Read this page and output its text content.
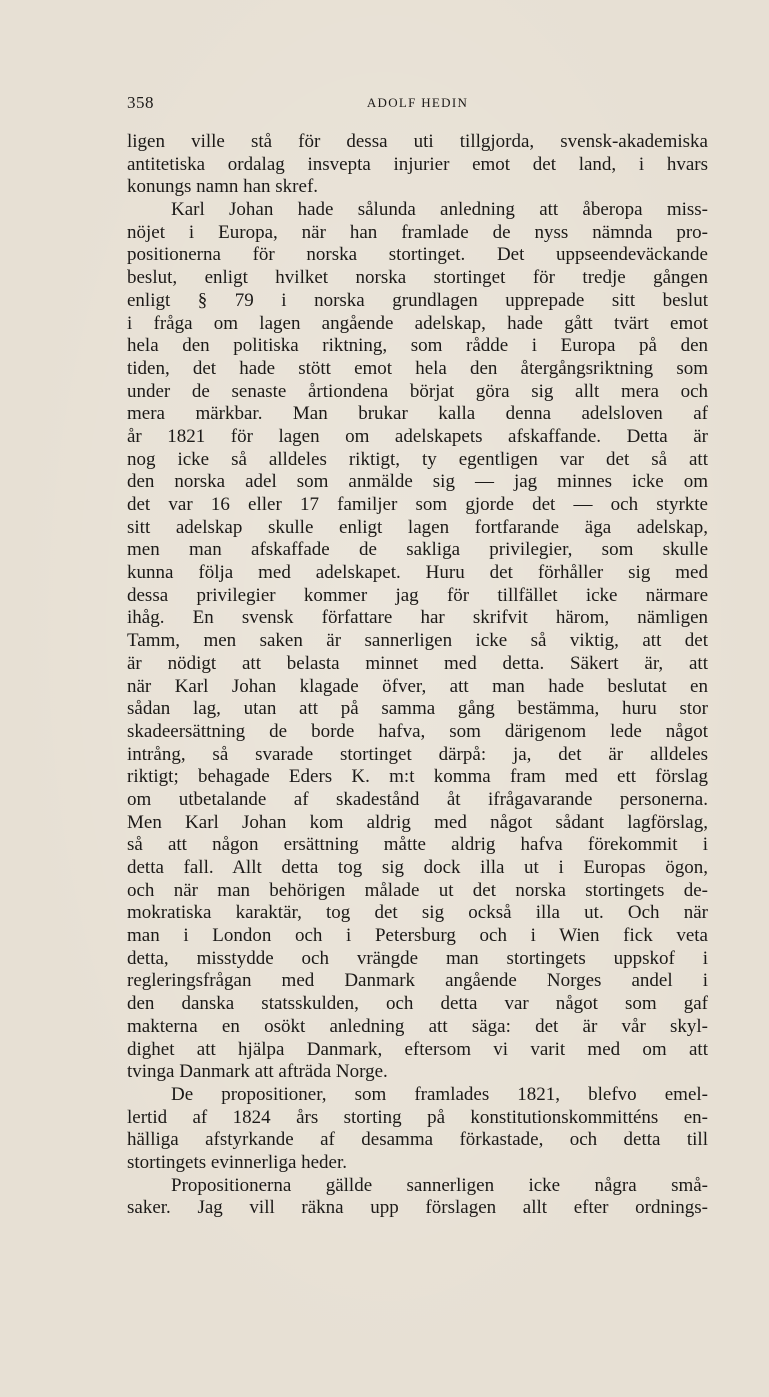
358	ADOLF HEDIN
ligen ville stå för dessa uti tillgjorda, svensk-akademiska
antitetiska ordalag insvepta injurier emot det land, i hvars
konungs namn han skref.
Karl Johan hade sålunda anledning att åberopa miss-
nöjet i Europa, när han framlade de nyss nämnda pro-
positionerna för norska stortinget. Det uppseendeväckande
beslut, enligt hvilket norska stortinget för tredje gången
enligt § 79 i norska grundlagen upprepade sitt beslut
i fråga om lagen angående adelskap, hade gått tvärt emot
hela den politiska riktning, som rådde i Europa på den
tiden, det hade stött emot hela den återgångsriktning som
under de senaste årtiondena börjat göra sig allt mera och
mera märkbar. Man brukar kalla denna adelsloven af
år 1821 för lagen om adelskapets afskaffande. Detta är
nog icke så alldeles riktigt, ty egentligen var det så att
den norska adel som anmälde sig — jag minnes icke om
det var 16 eller 17 familjer som gjorde det — och styrkte
sitt adelskap skulle enligt lagen fortfarande äga adelskap,
men man afskaffade de sakliga privilegier, som skulle
kunna följa med adelskapet. Huru det förhåller sig med
dessa privilegier kommer jag för tillfället icke närmare
ihåg. En svensk författare har skrifvit härom, nämligen
Tamm, men saken är sannerligen icke så viktig, att det
är nödigt att belasta minnet med detta. Säkert är, att
när Karl Johan klagade öfver, att man hade beslutat en
sådan lag, utan att på samma gång bestämma, huru stor
skadeersättning de borde hafva, som därigenom lede något
intrång, så svarade stortinget därpå: ja, det är alldeles
riktigt; behagade Eders K. m:t komma fram med ett förslag
om utbetalande af skadestånd åt ifrågavarande personerna.
Men Karl Johan kom aldrig med något sådant lagförslag,
så att någon ersättning måtte aldrig hafva förekommit i
detta fall. Allt detta tog sig dock illa ut i Europas ögon,
och när man behörigen målade ut det norska stortingets de-
mokratiska karaktär, tog det sig också illa ut. Och när
man i London och i Petersburg och i Wien fick veta
detta, misstydde och vrängde man stortingets uppskof i
regleringsfrågan med Danmark angående Norges andel i
den danska statsskulden, och detta var något som gaf
makterna en osökt anledning att säga: det är vår skyl-
dighet att hjälpa Danmark, eftersom vi varit med om att
tvinga Danmark att afträda Norge.
De propositioner, som framlades 1821, blefvo emel-
lertid af 1824 års storting på konstitutionskommitténs en-
hälliga afstyrkande af desamma förkastade, och detta till
stortingets evinnerliga heder.
Propositionerna gällde sannerligen icke några små-
saker. Jag vill räkna upp förslagen allt efter ordnings-
